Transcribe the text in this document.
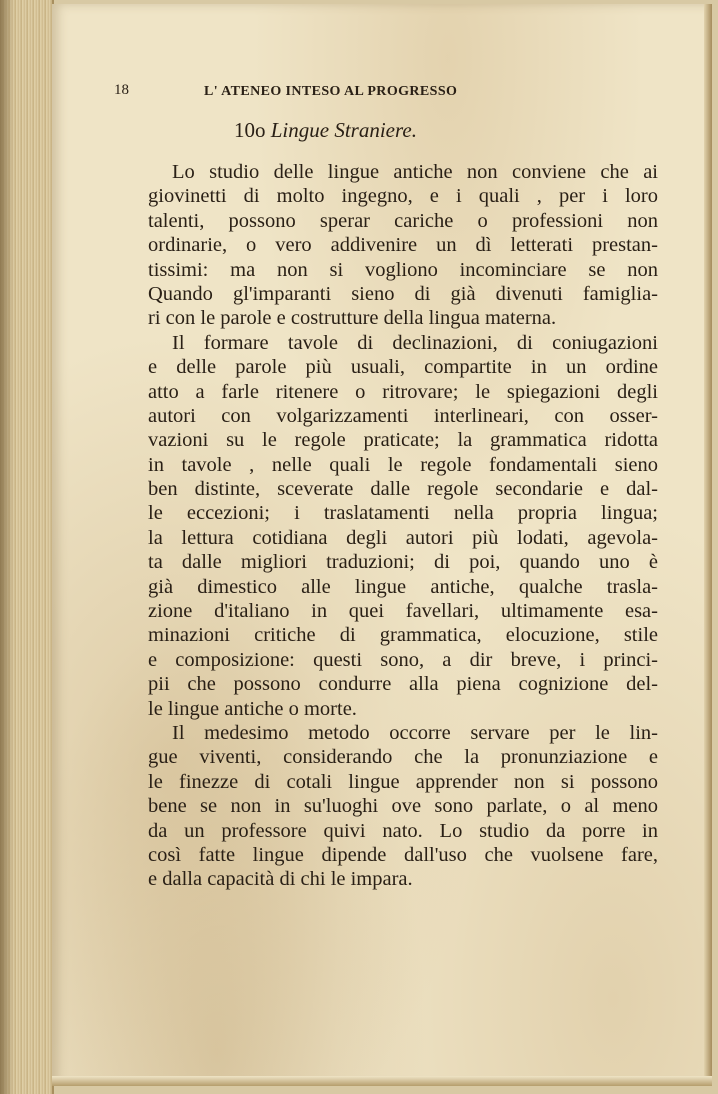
18	L' ATENEO INTESO AL PROGRESSO
10o Lingue Straniere.
Lo studio delle lingue antiche non conviene che ai
giovinetti di molto ingegno, e i quali , per i loro
talenti, possono sperar cariche o professioni non
ordinarie, o vero addivenire un dì letterati prestan-
tissimi: ma non si vogliono incominciare se non
Quando gl'imparanti sieno di già divenuti famiglia-
ri con le parole e costrutture della lingua materna.
Il formare tavole di declinazioni, di coniugazioni
e delle parole più usuali, compartite in un ordine
atto a farle ritenere o ritrovare; le spiegazioni degli
autori con volgarizzamenti interlineari, con osser-
vazioni su le regole praticate; la grammatica ridotta
in tavole , nelle quali le regole fondamentali sieno
ben distinte, sceverate dalle regole secondarie e dal-
le eccezioni; i traslatamenti nella propria lingua;
la lettura cotidiana degli autori più lodati, agevola-
ta dalle migliori traduzioni; di poi, quando uno è
già dimestico alle lingue antiche, qualche trasla-
zione d'italiano in quei favellari, ultimamente esa-
minazioni critiche di grammatica, elocuzione, stile
e composizione: questi sono, a dir breve, i princi-
pii che possono condurre alla piena cognizione del-
le lingue antiche o morte.
Il medesimo metodo occorre servare per le lin-
gue viventi, considerando che la pronunziazione e
le finezze di cotali lingue apprender non si possono
bene se non in su'luoghi ove sono parlate, o al meno
da un professore quivi nato. Lo studio da porre in
così fatte lingue dipende dall'uso che vuolsene fare,
e dalla capacità di chi le impara.
